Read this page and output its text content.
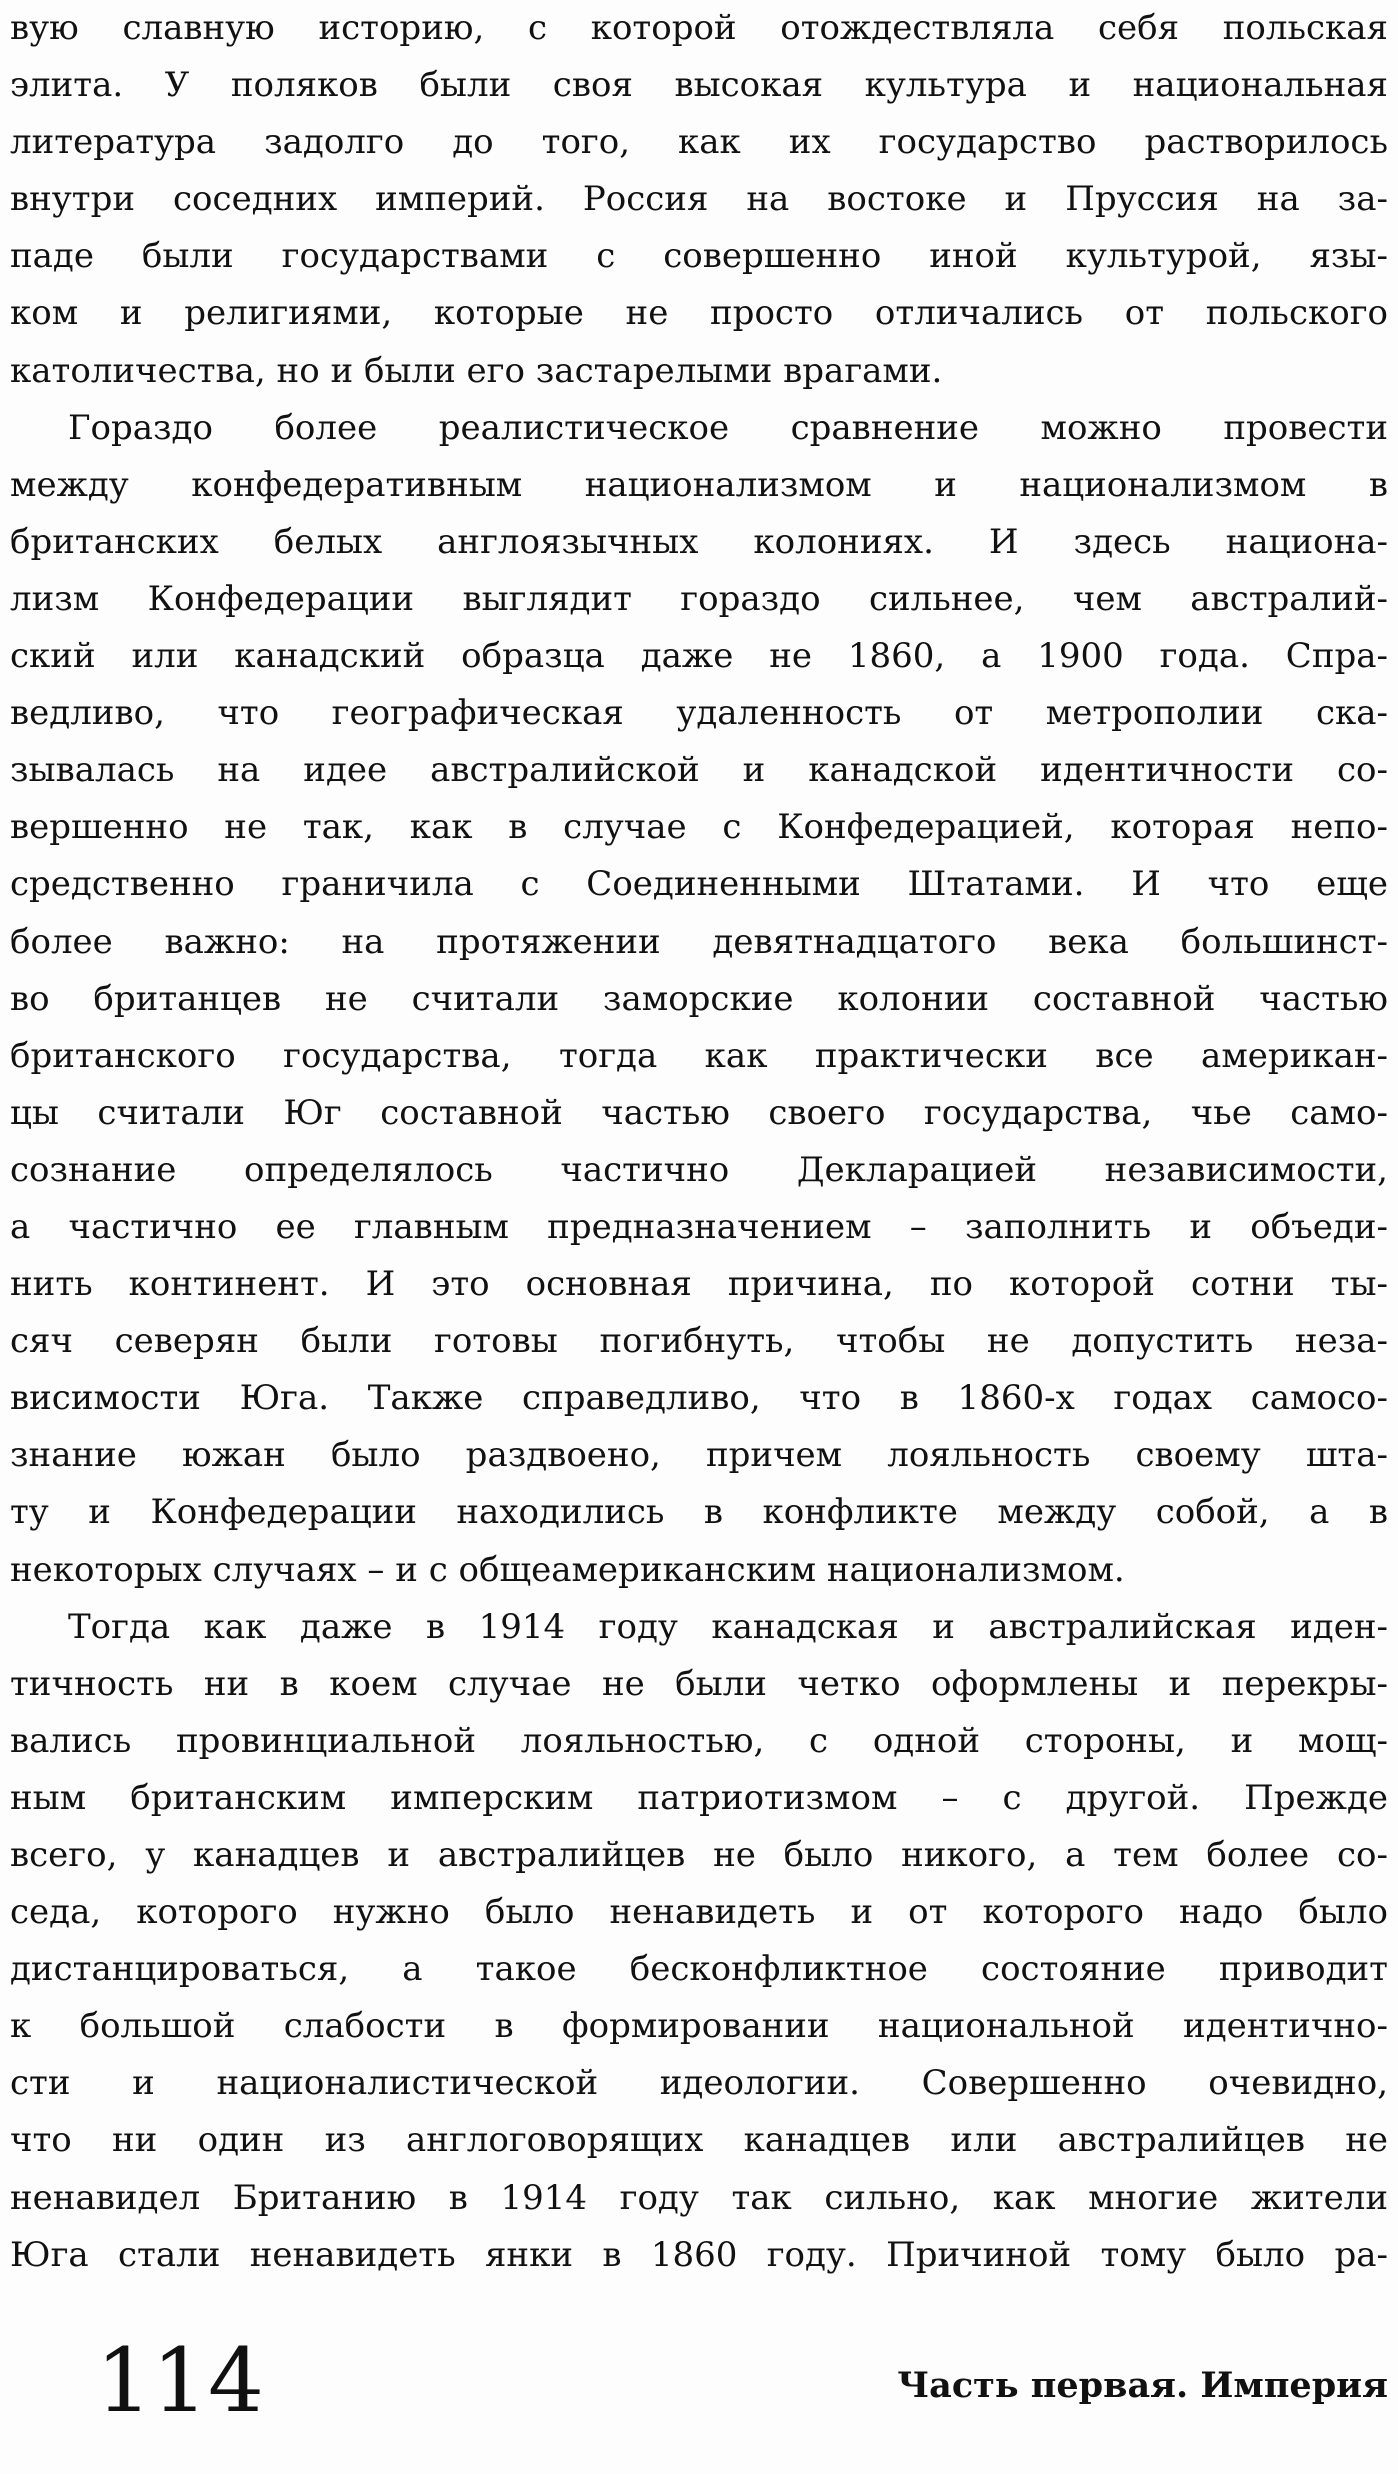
вую славную историю, с которой отождествляла себя польская
элита. У поляков были своя высокая культура и национальная
литература задолго до того, как их государство растворилось
внутри соседних империй. Россия на востоке и Пруссия на за-
паде были государствами с совершенно иной культурой, язы-
ком и религиями, которые не просто отличались от польского
католичества, но и были его застарелыми врагами.
Гораздо более реалистическое сравнение можно провести
между конфедеративным национализмом и национализмом в
британских белых англоязычных колониях. И здесь национа-
лизм Конфедерации выглядит гораздо сильнее, чем австралий-
ский или канадский образца даже не 1860, а 1900 года. Спра-
ведливо, что географическая удаленность от метрополии ска-
зывалась на идее австралийской и канадской идентичности со-
вершенно не так, как в случае с Конфедерацией, которая непо-
средственно граничила с Соединенными Штатами. И что еще
более важно: на протяжении девятнадцатого века большинст-
во британцев не считали заморские колонии составной частью
британского государства, тогда как практически все американ-
цы считали Юг составной частью своего государства, чье само-
сознание определялось частично Декларацией независимости,
а частично ее главным предназначением – заполнить и объеди-
нить континент. И это основная причина, по которой сотни ты-
сяч северян были готовы погибнуть, чтобы не допустить неза-
висимости Юга. Также справедливо, что в 1860-х годах самосо-
знание южан было раздвоено, причем лояльность своему шта-
ту и Конфедерации находились в конфликте между собой, а в
некоторых случаях – и с общеамериканским национализмом.
Тогда как даже в 1914 году канадская и австралийская иден-
тичность ни в коем случае не были четко оформлены и перекры-
вались провинциальной лояльностью, с одной стороны, и мощ-
ным британским имперским патриотизмом – с другой. Прежде
всего, у канадцев и австралийцев не было никого, а тем более со-
седа, которого нужно было ненавидеть и от которого надо было
дистанцироваться, а такое бесконфликтное состояние приводит
к большой слабости в формировании национальной идентично-
сти и националистической идеологии. Совершенно очевидно,
что ни один из англоговорящих канадцев или австралийцев не
ненавидел Британию в 1914 году так сильно, как многие жители
Юга стали ненавидеть янки в 1860 году. Причиной тому было ра-
114	Часть первая. Империя
